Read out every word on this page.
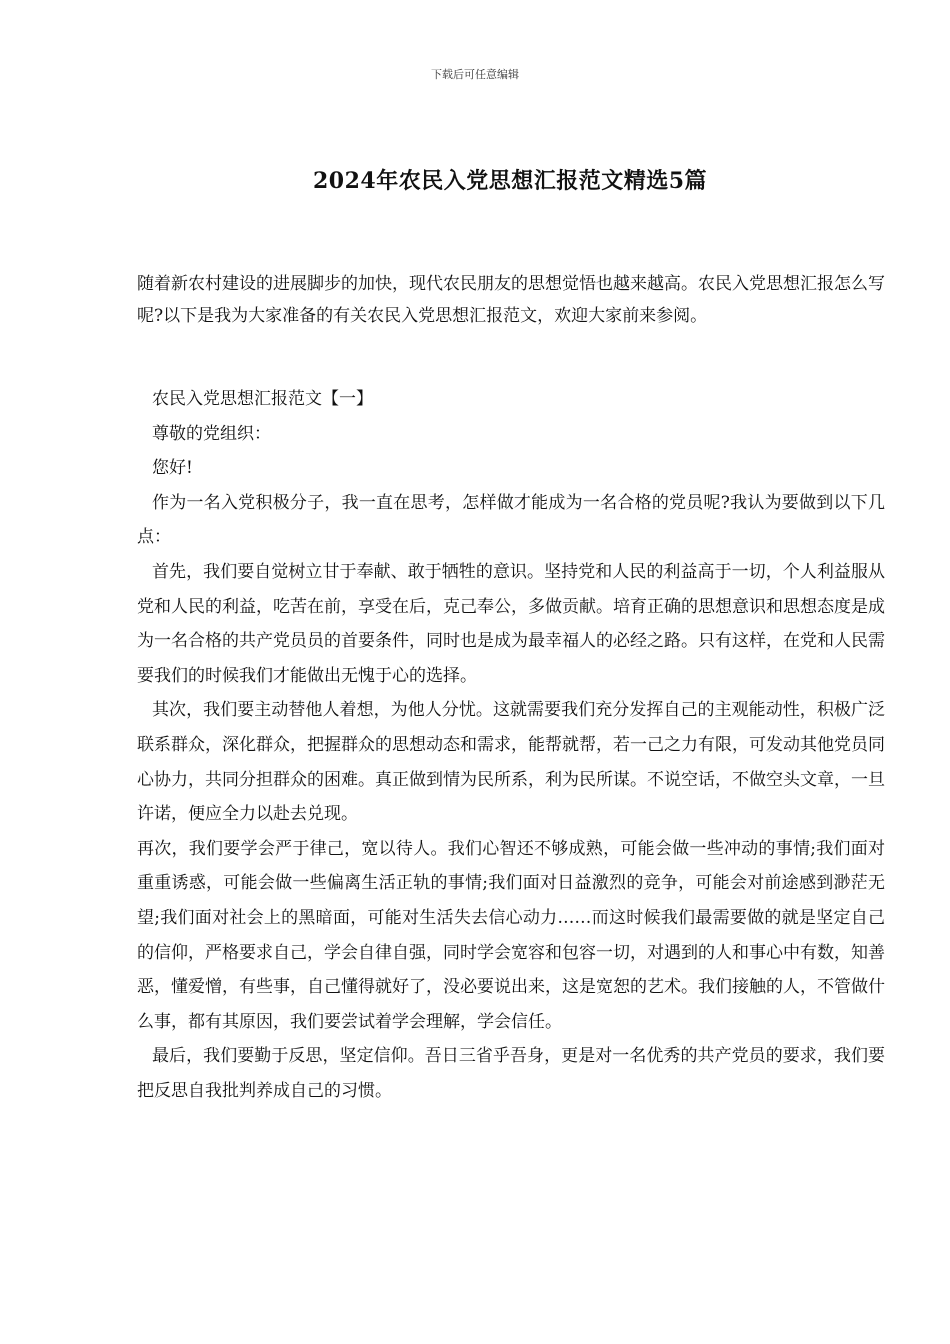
下载后可任意编辑
2024年农民入党思想汇报范文精选5篇

随着新农村建设的进展脚步的加快，现代农民朋友的思想觉悟也越来越高。农民入党思想汇报怎么写呢?以下是我为大家准备的有关农民入党思想汇报范文，欢迎大家前来参阅。

农民入党思想汇报范文【一】

尊敬的党组织：

您好!

作为一名入党积极分子，我一直在思考，怎样做才能成为一名合格的党员呢?我认为要做到以下几点：

首先，我们要自觉树立甘于奉献、敢于牺牲的意识。坚持党和人民的利益高于一切，个人利益服从党和人民的利益，吃苦在前，享受在后，克己奉公，多做贡献。培育正确的思想意识和思想态度是成为一名合格的共产党员员的首要条件，同时也是成为最幸福人的必经之路。只有这样，在党和人民需要我们的时候我们才能做出无愧于心的选择。

其次，我们要主动替他人着想，为他人分忧。这就需要我们充分发挥自己的主观能动性，积极广泛联系群众，深化群众，把握群众的思想动态和需求，能帮就帮，若一己之力有限，可发动其他党员同心协力，共同分担群众的困难。真正做到情为民所系，利为民所谋。不说空话，不做空头文章，一旦许诺，便应全力以赴去兑现。

再次，我们要学会严于律己，宽以待人。我们心智还不够成熟，可能会做一些冲动的事情;我们面对重重诱惑，可能会做一些偏离生活正轨的事情;我们面对日益激烈的竞争，可能会对前途感到渺茫无望;我们面对社会上的黑暗面，可能对生活失去信心动力……而这时候我们最需要做的就是坚定自己的信仰，严格要求自己，学会自律自强，同时学会宽容和包容一切，对遇到的人和事心中有数，知善恶，懂爱憎，有些事，自己懂得就好了，没必要说出来，这是宽恕的艺术。我们接触的人，不管做什么事，都有其原因，我们要尝试着学会理解，学会信任。

最后，我们要勤于反思，坚定信仰。吾日三省乎吾身，更是对一名优秀的共产党员的要求，我们要把反思自我批判养成自己的习惯。
